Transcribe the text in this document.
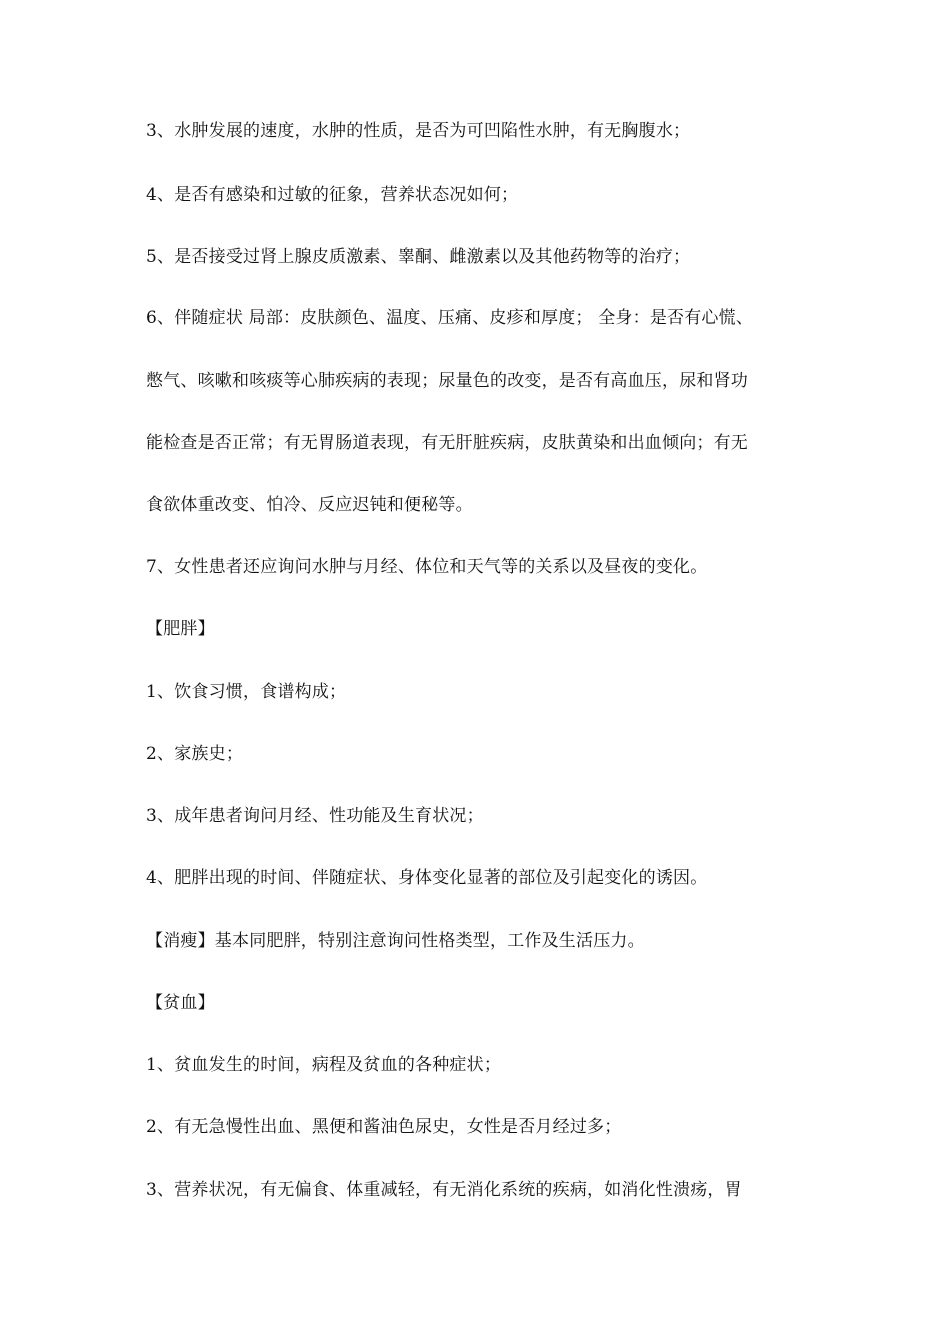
3、水肿发展的速度，水肿的性质，是否为可凹陷性水肿，有无胸腹水；
4、是否有感染和过敏的征象，营养状态况如何；
5、是否接受过肾上腺皮质激素、睾酮、雌激素以及其他药物等的治疗；
6、伴随症状 局部：皮肤颜色、温度、压痛、皮疹和厚度； 全身：是否有心慌、
憋气、咳嗽和咳痰等心肺疾病的表现；尿量色的改变，是否有高血压，尿和肾功
能检查是否正常；有无胃肠道表现，有无肝脏疾病，皮肤黄染和出血倾向；有无
食欲体重改变、怕冷、反应迟钝和便秘等。
7、女性患者还应询问水肿与月经、体位和天气等的关系以及昼夜的变化。
【肥胖】
1、饮食习惯，食谱构成；
2、家族史；
3、成年患者询问月经、性功能及生育状况；
4、肥胖出现的时间、伴随症状、身体变化显著的部位及引起变化的诱因。
【消瘦】基本同肥胖，特别注意询问性格类型，工作及生活压力。
【贫血】
1、贫血发生的时间，病程及贫血的各种症状；
2、有无急慢性出血、黑便和酱油色尿史，女性是否月经过多；
3、营养状况，有无偏食、体重减轻，有无消化系统的疾病，如消化性溃疡，胃
